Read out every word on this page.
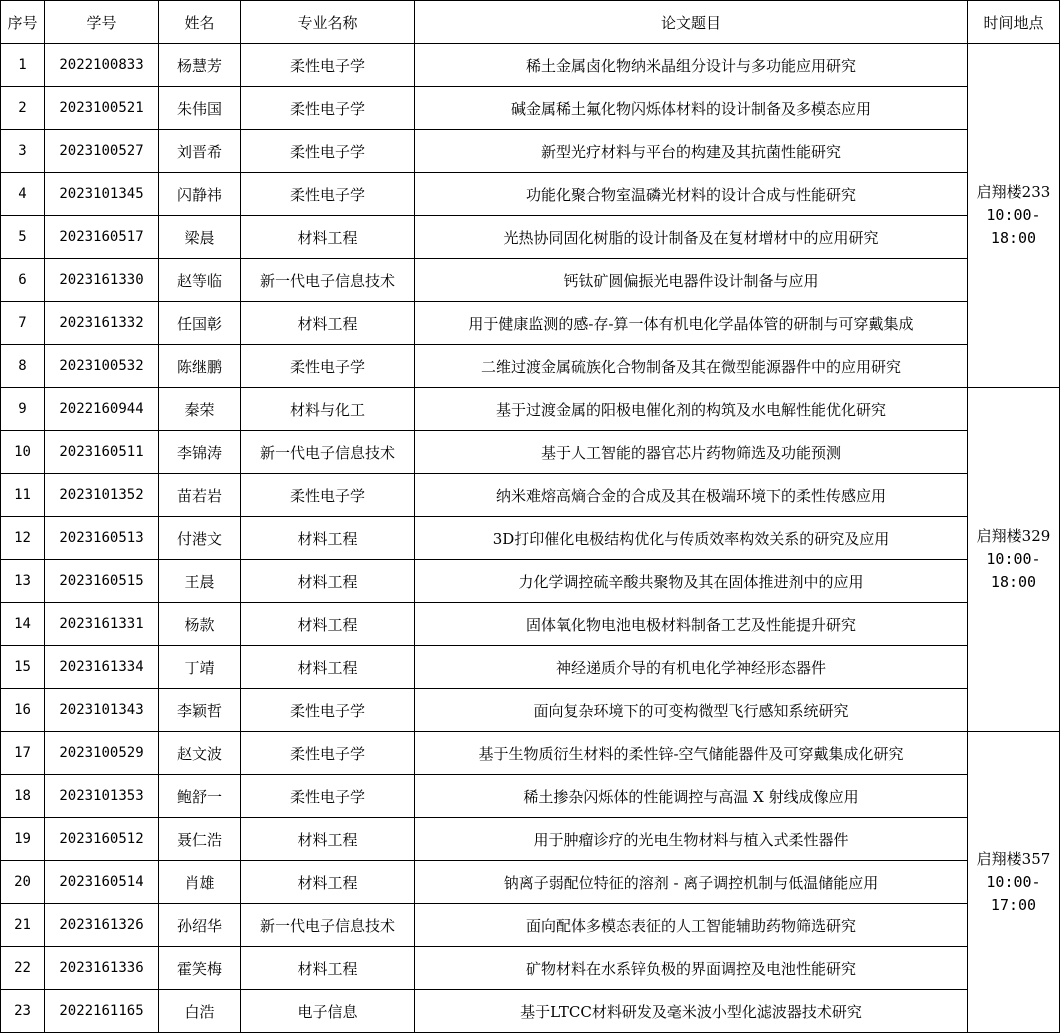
序号	学号	姓名	专业名称	论文题目	时间地点
1	2022100833	杨慧芳	柔性电子学	稀土金属卤化物纳米晶组分设计与多功能应用研究	启翔楼233
10:00-
18:00

2	2023100521	朱伟国	柔性电子学	碱金属稀土氟化物闪烁体材料的设计制备及多模态应用	
3	2023100527	刘晋希	柔性电子学	新型光疗材料与平台的构建及其抗菌性能研究	
4	2023101345	闪静祎	柔性电子学	功能化聚合物室温磷光材料的设计合成与性能研究	
5	2023160517	梁晨	材料工程	光热协同固化树脂的设计制备及在复材增材中的应用研究	
6	2023161330	赵等临	新一代电子信息技术	钙钛矿圆偏振光电器件设计制备与应用	
7	2023161332	任国彰	材料工程	用于健康监测的感-存-算一体有机电化学晶体管的研制与可穿戴集成	
8	2023100532	陈继鹏	柔性电子学	二维过渡金属硫族化合物制备及其在微型能源器件中的应用研究	
9	2022160944	秦荣	材料与化工	基于过渡金属的阳极电催化剂的构筑及水电解性能优化研究	启翔楼329
10:00-
18:00

10	2023160511	李锦涛	新一代电子信息技术	基于人工智能的器官芯片药物筛选及功能预测	
11	2023101352	苗若岩	柔性电子学	纳米难熔高熵合金的合成及其在极端环境下的柔性传感应用	
12	2023160513	付港文	材料工程	3D打印催化电极结构优化与传质效率构效关系的研究及应用	
13	2023160515	王晨	材料工程	力化学调控硫辛酸共聚物及其在固体推进剂中的应用	
14	2023161331	杨款	材料工程	固体氧化物电池电极材料制备工艺及性能提升研究	
15	2023161334	丁靖	材料工程	神经递质介导的有机电化学神经形态器件	
16	2023101343	李颖哲	柔性电子学	面向复杂环境下的可变构微型飞行感知系统研究	
17	2023100529	赵文波	柔性电子学	基于生物质衍生材料的柔性锌-空气储能器件及可穿戴集成化研究	启翔楼357
10:00-
17:00

18	2023101353	鲍舒一	柔性电子学	稀土掺杂闪烁体的性能调控与高温 X 射线成像应用	
19	2023160512	聂仁浩	材料工程	用于肿瘤诊疗的光电生物材料与植入式柔性器件	
20	2023160514	肖雄	材料工程	钠离子弱配位特征的溶剂 - 离子调控机制与低温储能应用	
21	2023161326	孙绍华	新一代电子信息技术	面向配体多模态表征的人工智能辅助药物筛选研究	
22	2023161336	霍笑梅	材料工程	矿物材料在水系锌负极的界面调控及电池性能研究	
23	2022161165	白浩	电子信息	基于LTCC材料研发及毫米波小型化滤波器技术研究	
